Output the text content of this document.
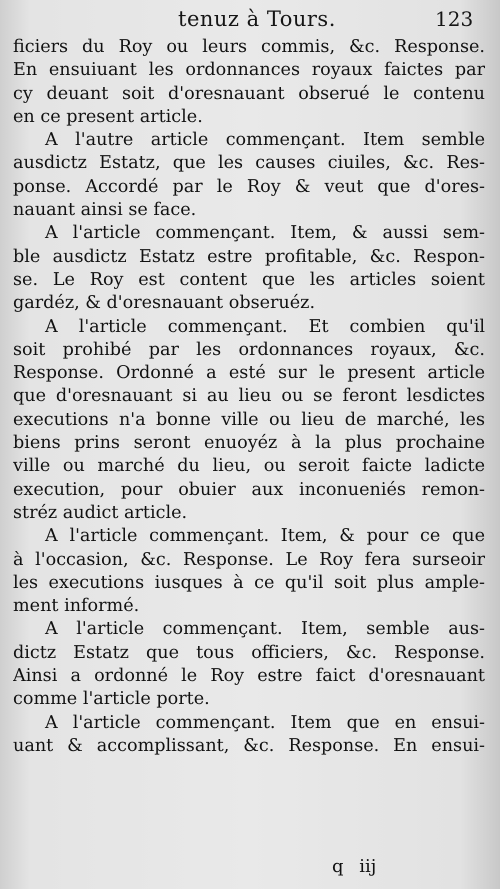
tenuz à Tours.	123
ficiers du Roy ou leurs commis, &c. Response.
En ensuiuant les ordonnances royaux faictes par
cy deuant soit d'oresnauant obserué le contenu
en ce present article.
A l'autre article commençant. Item semble
ausdictz Estatz, que les causes ciuiles, &c. Res-
ponse. Accordé par le Roy & veut que d'ores-
nauant ainsi se face.
A l'article commençant. Item, & aussi sem-
ble ausdictz Estatz estre profitable, &c. Respon-
se. Le Roy est content que les articles soient
gardéz, & d'oresnauant obseruéz.
A l'article commençant. Et combien qu'il
soit prohibé par les ordonnances royaux, &c.
Response. Ordonné a esté sur le present article
que d'oresnauant si au lieu ou se feront lesdictes
executions n'a bonne ville ou lieu de marché, les
biens prins seront enuoyéz à la plus prochaine
ville ou marché du lieu, ou seroit faicte ladicte
execution, pour obuier aux inconueniés remon-
stréz audict article.
A l'article commençant. Item, & pour ce que
à l'occasion, &c. Response. Le Roy fera surseoir
les executions iusques à ce qu'il soit plus ample-
ment informé.
A l'article commençant. Item, semble aus-
dictz Estatz que tous officiers, &c. Response.
Ainsi a ordonné le Roy estre faict d'oresnauant
comme l'article porte.
A l'article commençant. Item que en ensui-
uant & accomplissant, &c. Response. En ensui-
q iij
